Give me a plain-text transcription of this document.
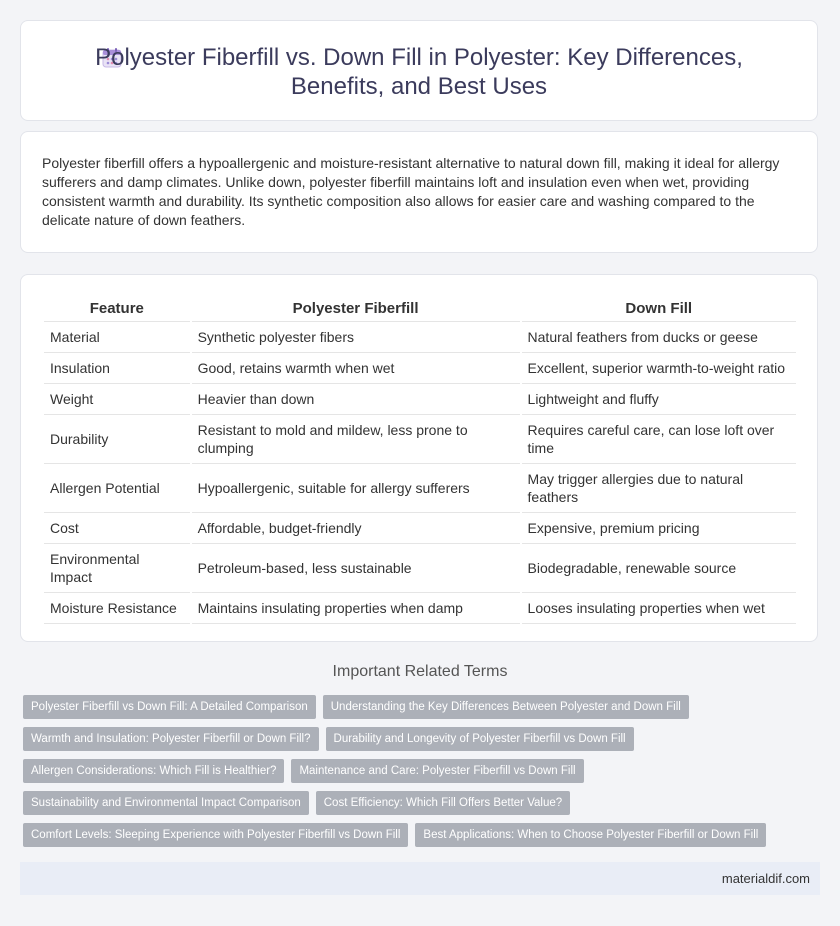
Polyester Fiberfill vs. Down Fill in Polyester: Key Differences,
Benefits, and Best Uses
Polyester fiberfill offers a hypoallergenic and moisture-resistant alternative to natural down fill, making it ideal for allergy sufferers and damp climates. Unlike down, polyester fiberfill maintains loft and insulation even when wet, providing consistent warmth and durability. Its synthetic composition also allows for easier care and washing compared to the delicate nature of down feathers.
Feature	Polyester Fiberfill	Down Fill
Material	Synthetic polyester fibers	Natural feathers from ducks or geese
Insulation	Good, retains warmth when wet	Excellent, superior warmth-to-weight ratio
Weight	Heavier than down	Lightweight and fluffy
Durability	Resistant to mold and mildew, less prone to clumping	Requires careful care, can lose loft over time
Allergen Potential	Hypoallergenic, suitable for allergy sufferers	May trigger allergies due to natural feathers
Cost	Affordable, budget-friendly	Expensive, premium pricing
Environmental Impact	Petroleum-based, less sustainable	Biodegradable, renewable source
Moisture Resistance	Maintains insulating properties when damp	Looses insulating properties when wet
Important Related Terms
Polyester Fiberfill vs Down Fill: A Detailed Comparison	Understanding the Key Differences Between Polyester and Down Fill
Warmth and Insulation: Polyester Fiberfill or Down Fill?	Durability and Longevity of Polyester Fiberfill vs Down Fill
Allergen Considerations: Which Fill is Healthier?	Maintenance and Care: Polyester Fiberfill vs Down Fill
Sustainability and Environmental Impact Comparison	Cost Efficiency: Which Fill Offers Better Value?
Comfort Levels: Sleeping Experience with Polyester Fiberfill vs Down Fill	Best Applications: When to Choose Polyester Fiberfill or Down Fill
materialdif.com
